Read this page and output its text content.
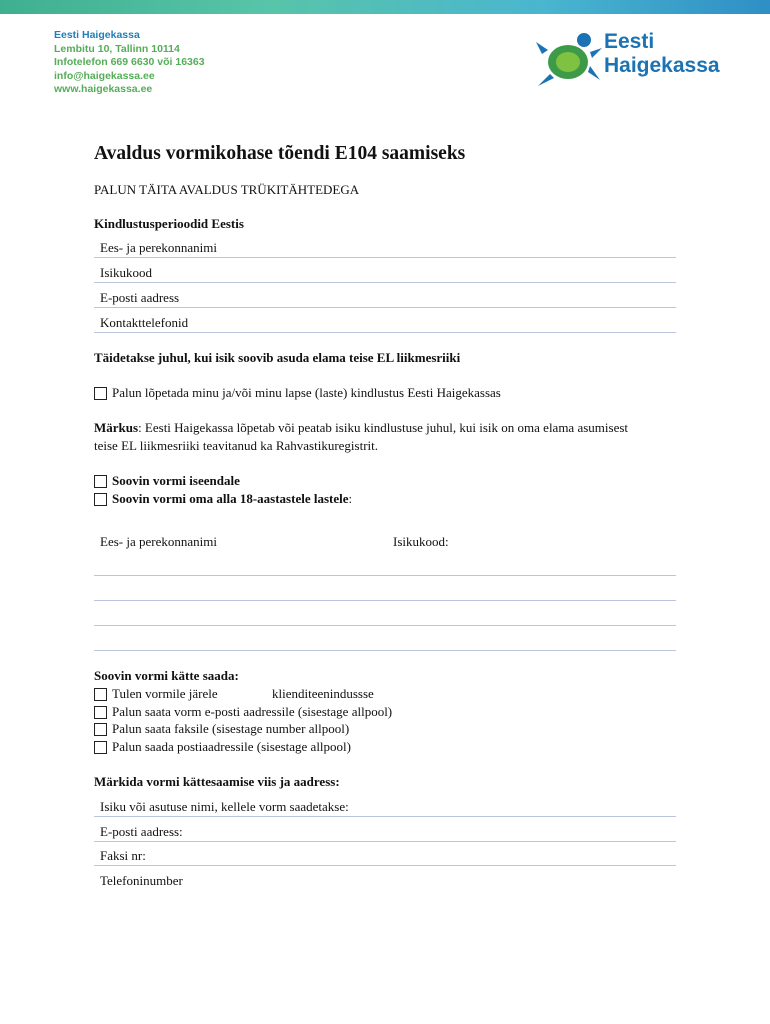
Eesti Haigekassa
Lembitu 10, Tallinn 10114
Infotelefon 669 6630 või 16363
info@haigekassa.ee
www.haigekassa.ee
Eesti
Haigekassa
Avaldus vormikohase tõendi E104 saamiseks
PALUN TÄITA AVALDUS TRÜKITÄHTEDEGA
Kindlustusperioodid Eestis
Ees- ja perekonnanimi
Isikukood
E-posti aadress
Kontakttelefonid
Täidetakse juhul, kui isik soovib asuda elama teise EL liikmesriiki
Palun lõpetada minu ja/või minu lapse (laste) kindlustus Eesti Haigekassas
Märkus: Eesti Haigekassa lõpetab või peatab isiku kindlustuse juhul, kui isik on oma elama asumisest teise EL liikmesriiki teavitanud ka Rahvastikuregistrit.
Soovin vormi iseendale
Soovin vormi oma alla 18-aastastele lastele:
Ees- ja perekonnanimi	Isikukood:
Soovin vormi kätte saada:
Tulen vormile järele	klienditeenindussse
Palun saata vorm e-posti aadressile (sisestage allpool)
Palun saata faksile (sisestage number allpool)
Palun saada postiaadressile (sisestage allpool)
Märkida vormi kättesaamise viis ja aadress:
Isiku või asutuse nimi, kellele vorm saadetakse:
E-posti aadress:
Faksi nr:
Telefoninumber
